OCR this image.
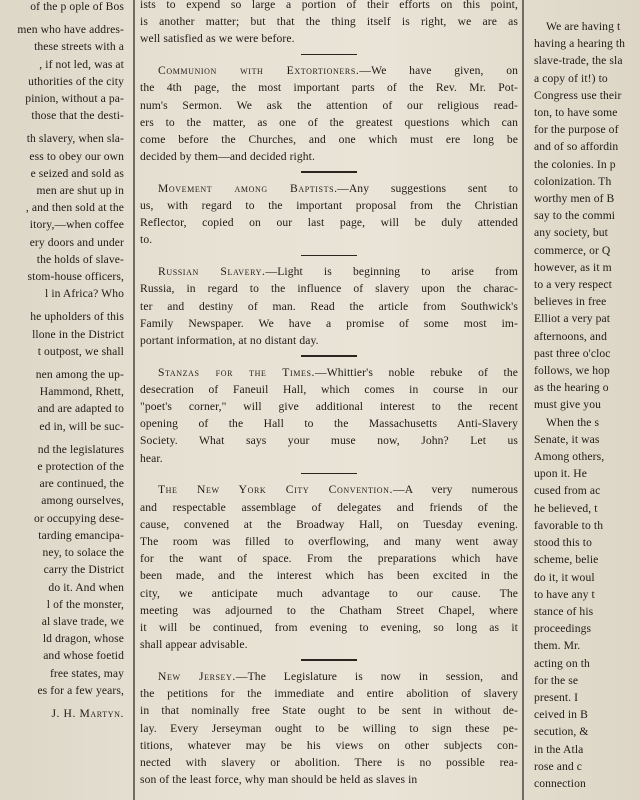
of the p ople of Bos
men who have addres-
these streets with a
, if not led, was at
uthorities of the city
pinion, without a pa-
those that the desti-
th slavery, when sla-
ess to obey our own
e seized and sold as
men are shut up in
, and then sold at the
itory,—when coffee
ery doors and under
the holds of slave-
stom-house officers,
l in Africa? Who
he upholders of this
llone in the District
t outpost, we shall
nen among the up-
Hammond, Rhett,
and are adapted to
ed in, will be suc-
nd the legislatures
e protection of the
are continued, the
among ourselves,
or occupying dese-
tarding emancipa-
ney, to solace the
carry the District
do it. And when
l of the monster,
al slave trade, we
ld dragon, whose
and whose foetid
free states, may
es for a few years,
J. H. Martyn.
ists to expend so large a portion of their efforts on this point,
is another matter; but that the thing itself is right, we are as
well satisfied as we were before.
Communion with Extortioners.—We have given, on
the 4th page, the most important parts of the Rev. Mr. Pot-
num's Sermon. We ask the attention of our religious read-
ers to the matter, as one of the greatest questions which can
come before the Churches, and one which must ere long be
decided by them—and decided right.
Movement among Baptists.—Any suggestions sent to
us, with regard to the important proposal from the Christian
Reflector, copied on our last page, will be duly attended
to.
Russian Slavery.—Light is beginning to arise from
Russia, in regard to the influence of slavery upon the charac-
ter and destiny of man. Read the article from Southwick's
Family Newspaper. We have a promise of some most im-
portant information, at no distant day.
Stanzas for the Times.—Whittier's noble rebuke of the
desecration of Faneuil Hall, which comes in course in our
"poet's corner," will give additional interest to the recent
opening of the Hall to the Massachusetts Anti-Slavery
Society. What says your muse now, John? Let us
hear.
The New York City Convention.—A very numerous
and respectable assemblage of delegates and friends of the
cause, convened at the Broadway Hall, on Tuesday evening.
The room was filled to overflowing, and many went away
for the want of space. From the preparations which have
been made, and the interest which has been excited in the
city, we anticipate much advantage to our cause. The
meeting was adjourned to the Chatham Street Chapel, where
it will be continued, from evening to evening, so long as it
shall appear advisable.
New Jersey.—The Legislature is now in session, and
the petitions for the immediate and entire abolition of slavery
in that nominally free State ought to be sent in without de-
lay. Every Jerseyman ought to be willing to sign these pe-
titions, whatever may be his views on other subjects con-
nected with slavery or abolition. There is no possible rea-
son of the least force, why man should be held as slaves in
We are having t
having a hearing th
slave-trade, the sla
a copy of it!) to
Congress use their
ton, to have some
for the purpose of
and of so affordin
the colonies. In p
colonization. Th
worthy men of B
say to the commi
any society, but
commerce, or Q
however, as it m
to a very respect
believes in free
Elliot a very pat
afternoons, and
past three o'cloc
follows, we hop
as the hearing o
must give you
When the s
Senate, it was
Among others,
upon it. He
cused from ac
he believed, t
favorable to th
stood this to
scheme, belie
do it, it woul
to have any t
stance of his
proceedings
them. Mr.
acting on th
for the se
present. I
ceived in B
secution, &
in the Atla
rose and c
connection
